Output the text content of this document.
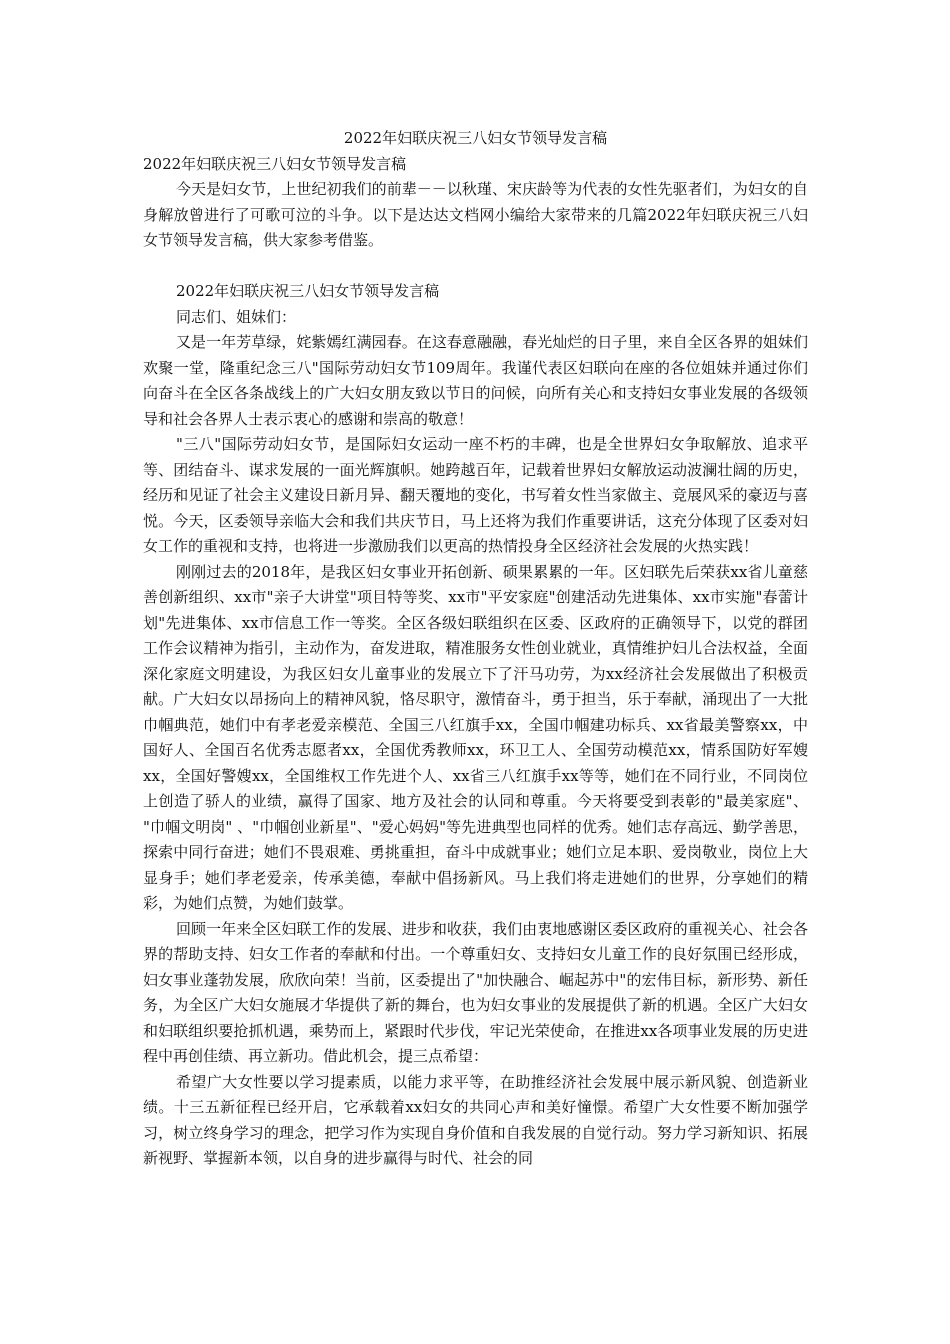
2022年妇联庆祝三八妇女节领导发言稿

2022年妇联庆祝三八妇女节领导发言稿

今天是妇女节，上世纪初我们的前辈－－以秋瑾、宋庆龄等为代表的女性先驱者们，为妇女的自身解放曾进行了可歌可泣的斗争。以下是达达文档网小编给大家带来的几篇2022年妇联庆祝三八妇女节领导发言稿，供大家参考借鉴。

2022年妇联庆祝三八妇女节领导发言稿

同志们、姐妹们：

又是一年芳草绿，姹紫嫣红满园春。在这春意融融，春光灿烂的日子里，来自全区各界的姐妹们欢聚一堂，隆重纪念三八"国际劳动妇女节109周年。我谨代表区妇联向在座的各位姐妹并通过你们向奋斗在全区各条战线上的广大妇女朋友致以节日的问候，向所有关心和支持妇女事业发展的各级领导和社会各界人士表示衷心的感谢和崇高的敬意！

"三八"国际劳动妇女节，是国际妇女运动一座不朽的丰碑，也是全世界妇女争取解放、追求平等、团结奋斗、谋求发展的一面光辉旗帜。她跨越百年，记载着世界妇女解放运动波澜壮阔的历史，经历和见证了社会主义建设日新月异、翻天覆地的变化，书写着女性当家做主、竞展风采的豪迈与喜悦。今天，区委领导亲临大会和我们共庆节日，马上还将为我们作重要讲话，这充分体现了区委对妇女工作的重视和支持，也将进一步激励我们以更高的热情投身全区经济社会发展的火热实践！

刚刚过去的2018年，是我区妇女事业开拓创新、硕果累累的一年。区妇联先后荣获xx省儿童慈善创新组织、xx市"亲子大讲堂"项目特等奖、xx市"平安家庭"创建活动先进集体、xx市实施"春蕾计划"先进集体、xx市信息工作一等奖。全区各级妇联组织在区委、区政府的正确领导下，以党的群团工作会议精神为指引，主动作为，奋发进取，精准服务女性创业就业，真情维护妇儿合法权益，全面深化家庭文明建设，为我区妇女儿童事业的发展立下了汗马功劳，为xx经济社会发展做出了积极贡献。广大妇女以昂扬向上的精神风貌，恪尽职守，激情奋斗，勇于担当，乐于奉献，涌现出了一大批巾帼典范，她们中有孝老爱亲模范、全国三八红旗手xx，全国巾帼建功标兵、xx省最美警察xx，中国好人、全国百名优秀志愿者xx，全国优秀教师xx，环卫工人、全国劳动模范xx，情系国防好军嫂xx，全国好警嫂xx，全国维权工作先进个人、xx省三八红旗手xx等等，她们在不同行业，不同岗位上创造了骄人的业绩，赢得了国家、地方及社会的认同和尊重。今天将要受到表彰的"最美家庭"、 "巾帼文明岗" 、"巾帼创业新星"、"爱心妈妈"等先进典型也同样的优秀。她们志存高远、勤学善思，探索中同行奋进；她们不畏艰难、勇挑重担，奋斗中成就事业；她们立足本职、爱岗敬业，岗位上大显身手；她们孝老爱亲，传承美德，奉献中倡扬新风。马上我们将走进她们的世界，分享她们的精彩，为她们点赞，为她们鼓掌。

回顾一年来全区妇联工作的发展、进步和收获，我们由衷地感谢区委区政府的重视关心、社会各界的帮助支持、妇女工作者的奉献和付出。一个尊重妇女、支持妇女儿童工作的良好氛围已经形成，妇女事业蓬勃发展，欣欣向荣！当前，区委提出了"加快融合、崛起苏中"的宏伟目标，新形势、新任务，为全区广大妇女施展才华提供了新的舞台，也为妇女事业的发展提供了新的机遇。全区广大妇女和妇联组织要抢抓机遇，乘势而上，紧跟时代步伐，牢记光荣使命，在推进xx各项事业发展的历史进程中再创佳绩、再立新功。借此机会，提三点希望：

希望广大女性要以学习提素质，以能力求平等，在助推经济社会发展中展示新风貌、创造新业绩。十三五新征程已经开启，它承载着xx妇女的共同心声和美好憧憬。希望广大女性要不断加强学习，树立终身学习的理念，把学习作为实现自身价值和自我发展的自觉行动。努力学习新知识、拓展新视野、掌握新本领，以自身的进步赢得与时代、社会的同
